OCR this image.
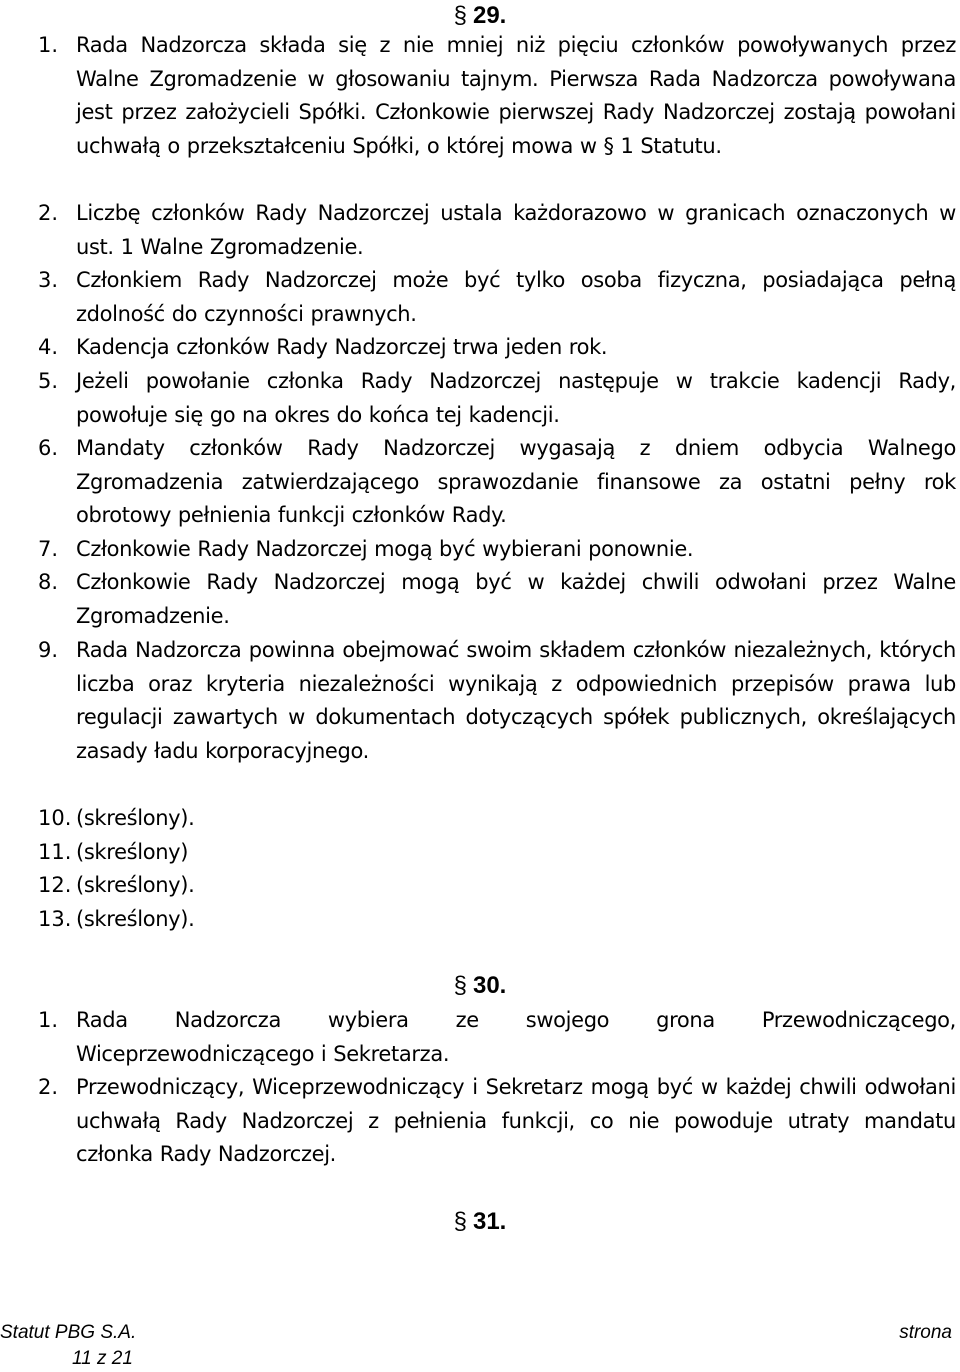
§ 29.
1. Rada Nadzorcza składa się z nie mniej niż pięciu członków powoływanych przez Walne Zgromadzenie w głosowaniu tajnym. Pierwsza Rada Nadzorcza powoływana jest przez założycieli Spółki. Członkowie pierwszej Rady Nadzorczej zostają powołani uchwałą o przekształceniu Spółki, o której mowa w § 1 Statutu.
2. Liczbę członków Rady Nadzorczej ustala każdorazowo w granicach oznaczonych w ust. 1 Walne Zgromadzenie.
3. Członkiem Rady Nadzorczej może być tylko osoba fizyczna, posiadająca pełną zdolność do czynności prawnych.
4. Kadencja członków Rady Nadzorczej trwa jeden rok.
5. Jeżeli powołanie członka Rady Nadzorczej następuje w trakcie kadencji Rady, powołuje się go na okres do końca tej kadencji.
6. Mandaty członków Rady Nadzorczej wygasają z dniem odbycia Walnego Zgromadzenia zatwierdzającego sprawozdanie finansowe za ostatni pełny rok obrotowy pełnienia funkcji członków Rady.
7. Członkowie Rady Nadzorczej mogą być wybierani ponownie.
8. Członkowie Rady Nadzorczej mogą być w każdej chwili odwołani przez Walne Zgromadzenie.
9. Rada Nadzorcza powinna obejmować swoim składem członków niezależnych, których liczba oraz kryteria niezależności wynikają z odpowiednich przepisów prawa lub regulacji zawartych w dokumentach dotyczących spółek publicznych, określających zasady ładu korporacyjnego.
10. (skreślony).
11. (skreślony)
12. (skreślony).
13. (skreślony).
§ 30.
1. Rada Nadzorcza wybiera ze swojego grona Przewodniczącego, Wiceprzewodniczącego i Sekretarza.
2. Przewodniczący, Wiceprzewodniczący i Sekretarz mogą być w każdej chwili odwołani uchwałą Rady Nadzorczej z pełnienia funkcji, co nie powoduje utraty mandatu członka Rady Nadzorczej.
§ 31.
Statut PBG S.A.
11 z 21
strona
